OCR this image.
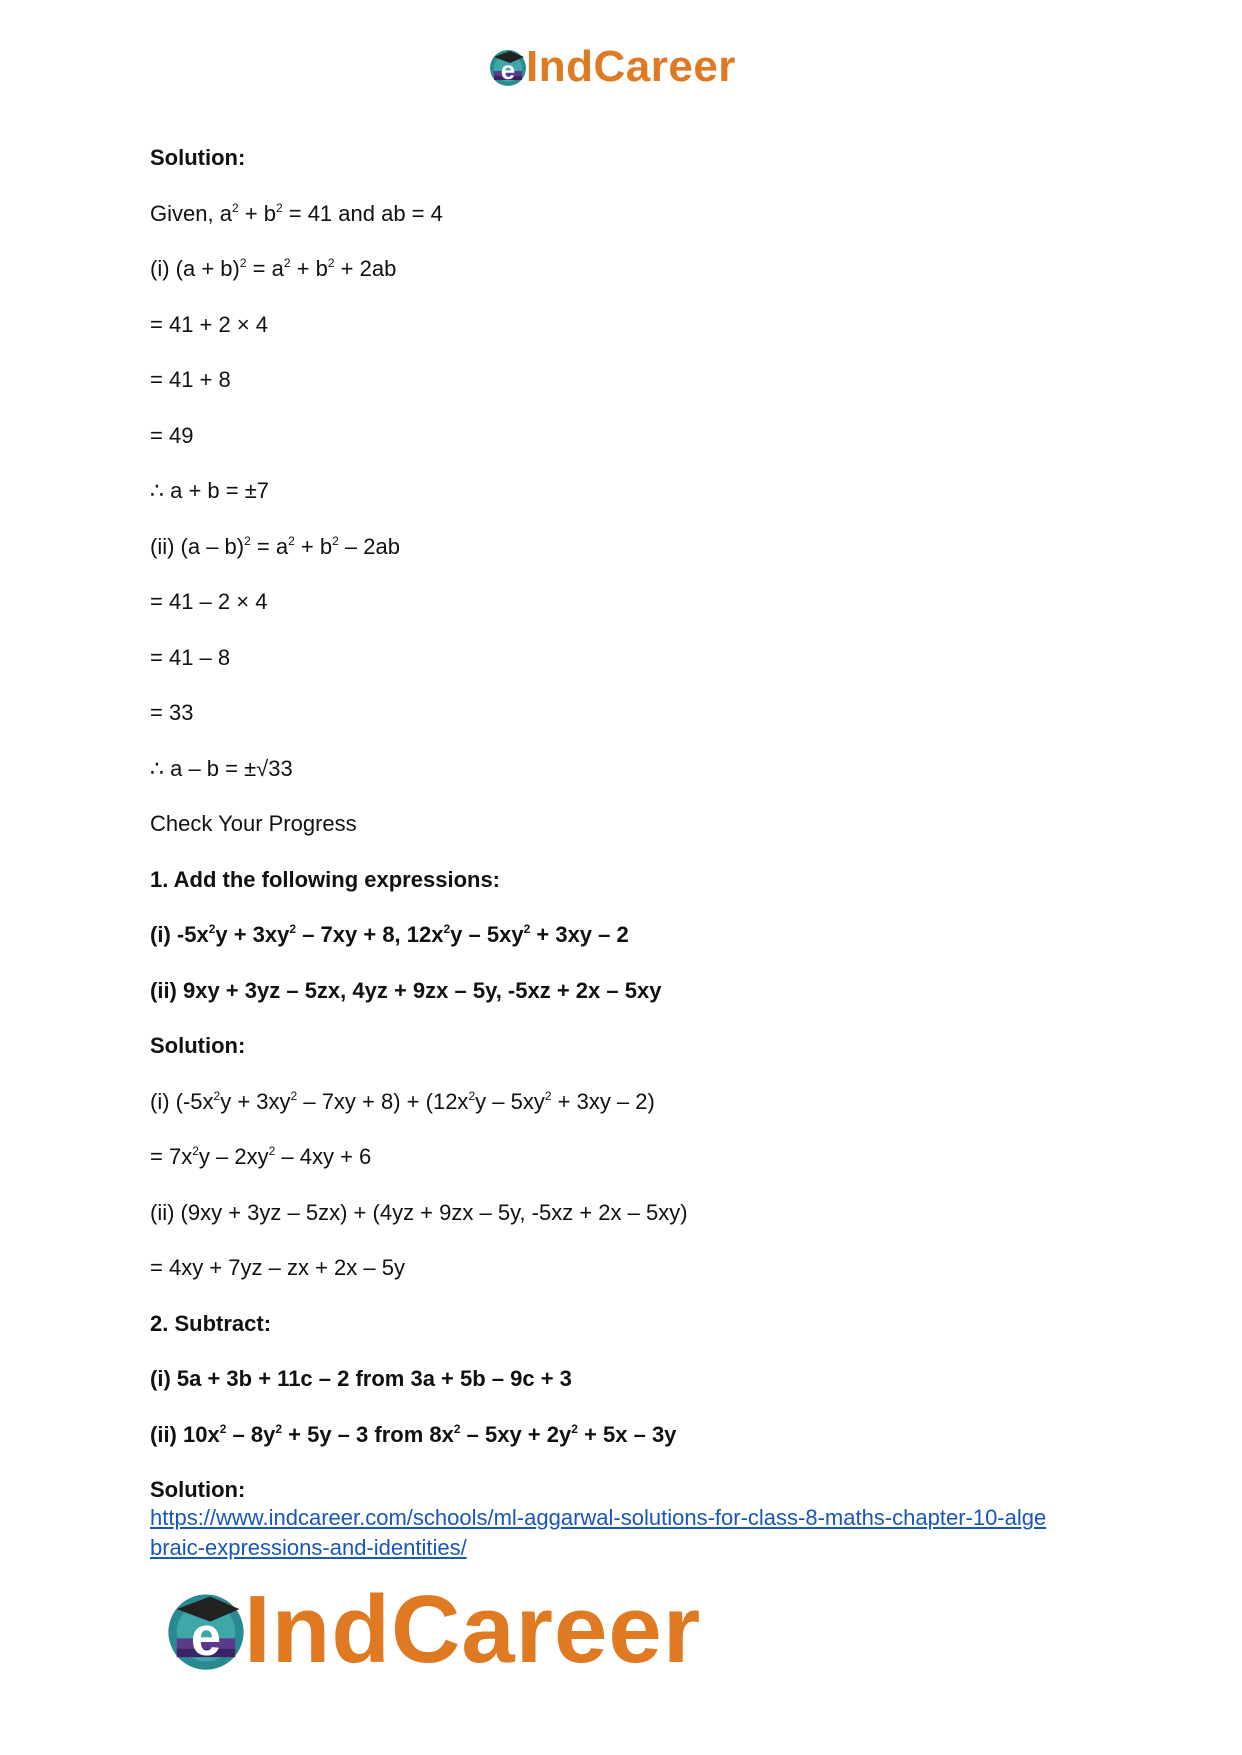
e IndCareer
Solution:
Given, $a^2 + b^2 = 41$ and ab = 4
(i) $(a + b)^2 = a^2 + b^2 + 2ab$
= 41 + 2 × 4
= 41 + 8
= 49
∴ a + b = ±7
(ii) $(a - b)^2 = a^2 + b^2 - 2ab$
= 41 – 2 × 4
= 41 – 8
= 33
∴ a – b = ±√33
Check Your Progress
1. Add the following expressions:
(i) $-5x^2y + 3xy^2 - 7xy + 8$, $12x^2y - 5xy^2 + 3xy - 2$
(ii) 9xy + 3yz – 5zx, 4yz + 9zx – 5y, -5xz + 2x – 5xy
Solution:
(i) $(-5x^2y + 3xy^2 - 7xy + 8) + (12x^2y - 5xy^2 + 3xy - 2)$
= $7x^2y - 2xy^2 - 4xy + 6$
(ii) (9xy + 3yz – 5zx) + (4yz + 9zx – 5y, -5xz + 2x – 5xy)
= 4xy + 7yz – zx + 2x – 5y
2. Subtract:
(i) 5a + 3b + 11c – 2 from 3a + 5b – 9c + 3
(ii) $10x^2 - 8y^2 + 5y - 3$ from $8x^2 - 5xy + 2y^2 + 5x - 3y$
Solution:
https://www.indcareer.com/schools/ml-aggarwal-solutions-for-class-8-maths-chapter-10-alge
braic-expressions-and-identities/
e IndCareer
